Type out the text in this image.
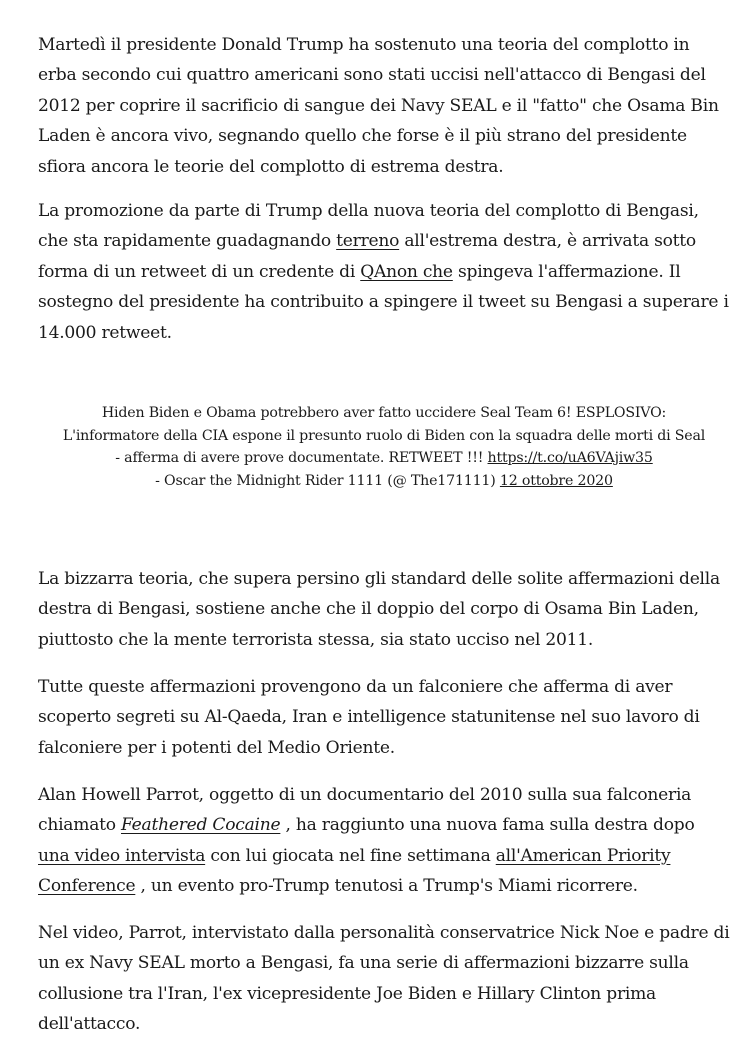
Martedì il presidente Donald Trump ha sostenuto una teoria del complotto in erba secondo cui quattro americani sono stati uccisi nell'attacco di Bengasi del 2012 per coprire il sacrificio di sangue dei Navy SEAL e il "fatto" che Osama Bin Laden è ancora vivo, segnando quello che forse è il più strano del presidente sfiora ancora le teorie del complotto di estrema destra.

La promozione da parte di Trump della nuova teoria del complotto di Bengasi, che sta rapidamente guadagnando terreno all'estrema destra, è arrivata sotto forma di un retweet di un credente di QAnon che spingeva l'affermazione. Il sostegno del presidente ha contribuito a spingere il tweet su Bengasi a superare i 14.000 retweet.

Hiden Biden e Obama potrebbero aver fatto uccidere Seal Team 6! ESPLOSIVO:
L'informatore della CIA espone il presunto ruolo di Biden con la squadra delle morti di Seal
- afferma di avere prove documentate. RETWEET !!! https://t.co/uA6VAjiw35
- Oscar the Midnight Rider 1111 (@ The171111) 12 ottobre 2020

La bizzarra teoria, che supera persino gli standard delle solite affermazioni della destra di Bengasi, sostiene anche che il doppio del corpo di Osama Bin Laden, piuttosto che la mente terrorista stessa, sia stato ucciso nel 2011.

Tutte queste affermazioni provengono da un falconiere che afferma di aver scoperto segreti su Al-Qaeda, Iran e intelligence statunitense nel suo lavoro di falconiere per i potenti del Medio Oriente.

Alan Howell Parrot, oggetto di un documentario del 2010 sulla sua falconeria chiamato Feathered Cocaine , ha raggiunto una nuova fama sulla destra dopo una video intervista con lui giocata nel fine settimana all'American Priority Conference , un evento pro-Trump tenutosi a Trump's Miami ricorrere.

Nel video, Parrot, intervistato dalla personalità conservatrice Nick Noe e padre di un ex Navy SEAL morto a Bengasi, fa una serie di affermazioni bizzarre sulla collusione tra l'Iran, l'ex vicepresidente Joe Biden e Hillary Clinton prima dell'attacco.
